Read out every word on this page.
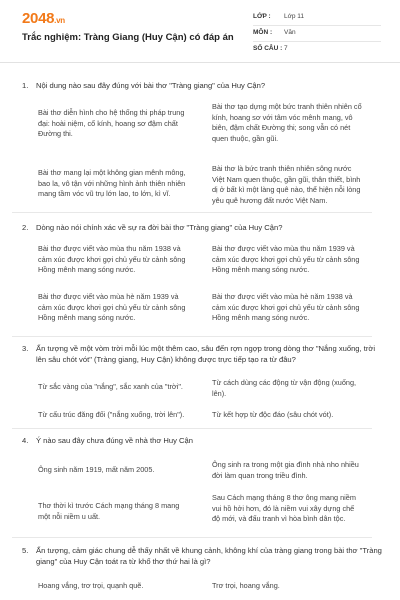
2048.vn
Trắc nghiệm: Tràng Giang (Huy Cận) có đáp án
LỚP : Lớp 11
MÔN : Văn
SỐ CÂU : 7
1. Nội dung nào sau đây đúng với bài thơ "Tràng giang" của Huy Cận?
Bài thơ diễn hình cho hệ thống thi pháp trung đại: hoài niệm, cổ kính, hoang sơ đậm chất Đường thi.
Bài thơ tạo dựng một bức tranh thiên nhiên cổ kính, hoang sơ với tâm vóc mênh mang, vô biên, đậm chất Đường thi; song vẫn có nét quen thuộc, gần gũi.
Bài thơ mang lại một không gian mênh mông, bao la, vô tận với những hình ảnh thiên nhiên mang tầm vóc vũ trụ lớn lao, to lớn, kì vĩ.
Bài thơ là bức tranh thiên nhiên sông nước Việt Nam quen thuộc, gần gũi, thân thiết, bình dị ở bất kì một làng quê nào, thể hiện nỗi lòng yêu quê hương đất nước Việt Nam.
2. Dòng nào nói chính xác về sự ra đời bài thơ "Tràng giang" của Huy Cận?
Bài thơ được viết vào mùa thu năm 1938 và cảm xúc được khơi gợi chủ yếu từ cảnh sông Hồng mênh mang sóng nước.
Bài thơ được viết vào mùa thu năm 1939 và cảm xúc được khơi gợi chủ yếu từ cảnh sông Hồng mênh mang sóng nước.
Bài thơ được viết vào mùa hè năm 1939 và cảm xúc được khơi gợi chủ yếu từ cảnh sông Hồng mênh mang sóng nước.
Bài thơ được viết vào mùa hè năm 1938 và cảm xúc được khơi gợi chủ yếu từ cảnh sông Hồng mênh mang sóng nước.
3. Ấn tượng về một vòm trời mỗi lúc một thêm cao, sâu đến rợn ngợp trong dòng thơ "Nắng xuống, trời lên sâu chót vót" (Tràng giang, Huy Cận) không được trực tiếp tạo ra từ đâu?
Từ sắc vàng của "nắng", sắc xanh của "trời".	Từ cách dùng các động từ vận động (xuống, lên).
Từ cấu trúc đăng đối ("nắng xuống, trời lên").	Từ kết hợp từ độc đáo (sâu chót vót).
4. Ý nào sau đây chưa đúng về nhà thơ Huy Cận
Ông sinh năm 1919, mất năm 2005.
Ông sinh ra trong một gia đình nhà nho nhiều đời làm quan trong triều đình.
Thơ thời kì trước Cách mạng tháng 8 mang một nỗi niềm u uất.
Sau Cách mạng tháng 8 thơ ông mang niềm vui hồ hởi hơn, đó là niềm vui xây dựng chế độ mới, và đấu tranh vì hòa bình dân tộc.
5. Ấn tượng, cảm giác chung dễ thấy nhất về khung cảnh, không khí của tràng giang trong bài thơ "Tràng giang" của Huy Cận toát ra từ khổ thơ thứ hai là gì?
Hoang vắng, trơ trọi, quạnh quẽ.	Trơ trọi, hoang vắng.
